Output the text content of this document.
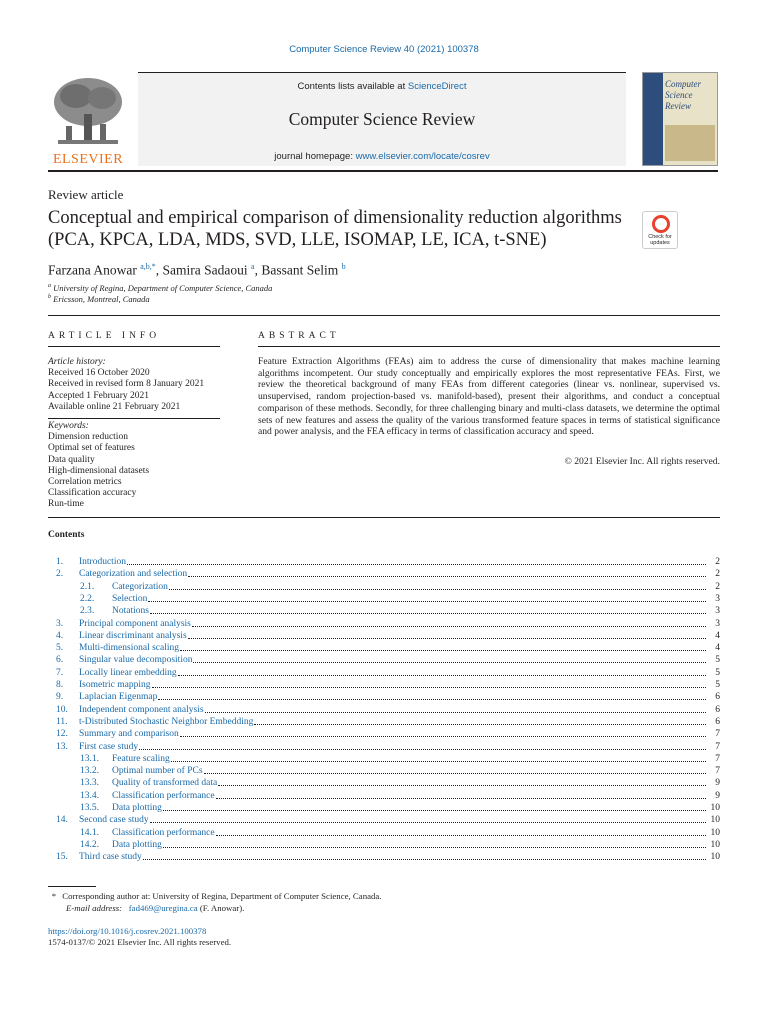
Computer Science Review 40 (2021) 100378
ELSEVIER
Contents lists available at ScienceDirect
Computer Science Review
journal homepage: www.elsevier.com/locate/cosrev
Computer Science Review
Review article
Conceptual and empirical comparison of dimensionality reduction algorithms (PCA, KPCA, LDA, MDS, SVD, LLE, ISOMAP, LE, ICA, t-SNE)	Check for updates
Farzana Anowar $^{a,b,*}$, Samira Sadaoui $^a$, Bassant Selim $^b$
$^a$ University of Regina, Department of Computer Science, Canada
$^b$ Ericsson, Montreal, Canada
ARTICLE INFO	ABSTRACT
Article history:
Received 16 October 2020
Received in revised form 8 January 2021
Accepted 1 February 2021
Available online 21 February 2021
Keywords:
Dimension reduction
Optimal set of features
Data quality
High-dimensional datasets
Correlation metrics
Classification accuracy
Run-time
Feature Extraction Algorithms (FEAs) aim to address the curse of dimensionality that makes machine learning algorithms incompetent. Our study conceptually and empirically explores the most representative FEAs. First, we review the theoretical background of many FEAs from different categories (linear vs. nonlinear, supervised vs. unsupervised, random projection-based vs. manifold-based), present their algorithms, and conduct a conceptual comparison of these methods. Secondly, for three challenging binary and multi-class datasets, we determine the optimal sets of new features and assess the quality of the various transformed feature spaces in terms of statistical significance and power analysis, and the FEA efficacy in terms of classification accuracy and speed.
© 2021 Elsevier Inc. All rights reserved.
Contents
1. Introduction	2
2. Categorization and selection	2
2.1. Categorization	2
2.2. Selection	3
2.3. Notations	3
3. Principal component analysis	3
4. Linear discriminant analysis	4
5. Multi-dimensional scaling	4
6. Singular value decomposition	5
7. Locally linear embedding	5
8. Isometric mapping	5
9. Laplacian Eigenmap	6
10. Independent component analysis	6
11. t-Distributed Stochastic Neighbor Embedding	6
12. Summary and comparison	7
13. First case study	7
13.1. Feature scaling	7
13.2. Optimal number of PCs	7
13.3. Quality of transformed data	9
13.4. Classification performance	9
13.5. Data plotting	10
14. Second case study	10
14.1. Classification performance	10
14.2. Data plotting	10
15. Third case study	10
* Corresponding author at: University of Regina, Department of Computer Science, Canada.
E-mail address: fad469@uregina.ca (F. Anowar).
https://doi.org/10.1016/j.cosrev.2021.100378
1574-0137/© 2021 Elsevier Inc. All rights reserved.
